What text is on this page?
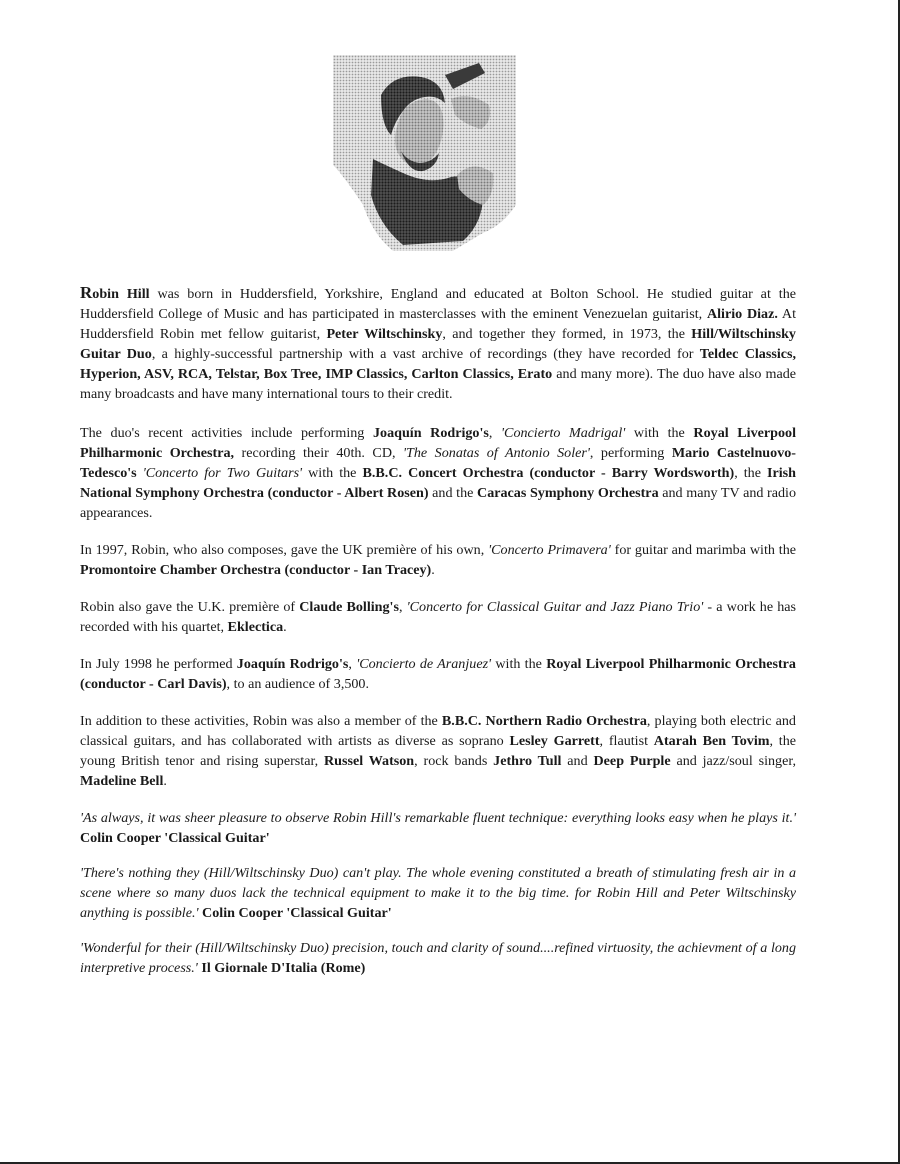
Robin Hill was born in Huddersfield, Yorkshire, England and educated at Bolton School. He studied guitar at the Huddersfield College of Music and has participated in masterclasses with the eminent Venezuelan guitarist, Alirio Diaz. At Huddersfield Robin met fellow guitarist, Peter Wiltschinsky, and together they formed, in 1973, the Hill/Wiltschinsky Guitar Duo, a highly-successful partnership with a vast archive of recordings (they have recorded for Teldec Classics, Hyperion, ASV, RCA, Telstar, Box Tree, IMP Classics, Carlton Classics, Erato and many more). The duo have also made many broadcasts and have many international tours to their credit.

The duo's recent activities include performing Joaquín Rodrigo's, 'Concierto Madrigal' with the Royal Liverpool Philharmonic Orchestra, recording their 40th. CD, 'The Sonatas of Antonio Soler', performing Mario Castelnuovo-Tedesco's 'Concerto for Two Guitars' with the B.B.C. Concert Orchestra (conductor - Barry Wordsworth), the Irish National Symphony Orchestra (conductor - Albert Rosen) and the Caracas Symphony Orchestra and many TV and radio appearances.

In 1997, Robin, who also composes, gave the UK première of his own, 'Concerto Primavera' for guitar and marimba with the Promontoire Chamber Orchestra (conductor - Ian Tracey).

Robin also gave the U.K. première of Claude Bolling's, 'Concerto for Classical Guitar and Jazz Piano Trio' - a work he has recorded with his quartet, Eklectica.

In July 1998 he performed Joaquín Rodrigo's, 'Concierto de Aranjuez' with the Royal Liverpool Philharmonic Orchestra (conductor - Carl Davis), to an audience of 3,500.

In addition to these activities, Robin was also a member of the B.B.C. Northern Radio Orchestra, playing both electric and classical guitars, and has collaborated with artists as diverse as soprano Lesley Garrett, flautist Atarah Ben Tovim, the young British tenor and rising superstar, Russel Watson, rock bands Jethro Tull and Deep Purple and jazz/soul singer, Madeline Bell.

'As always, it was sheer pleasure to observe Robin Hill's remarkable fluent technique: everything looks easy when he plays it.' Colin Cooper 'Classical Guitar'

'There's nothing they (Hill/Wiltschinsky Duo) can't play. The whole evening constituted a breath of stimulating fresh air in a scene where so many duos lack the technical equipment to make it to the big time. for Robin Hill and Peter Wiltschinsky anything is possible.' Colin Cooper 'Classical Guitar'

'Wonderful for their (Hill/Wiltschinsky Duo) precision, touch and clarity of sound....refined virtuosity, the achievment of a long interpretive process.' Il Giornale D'Italia (Rome)
